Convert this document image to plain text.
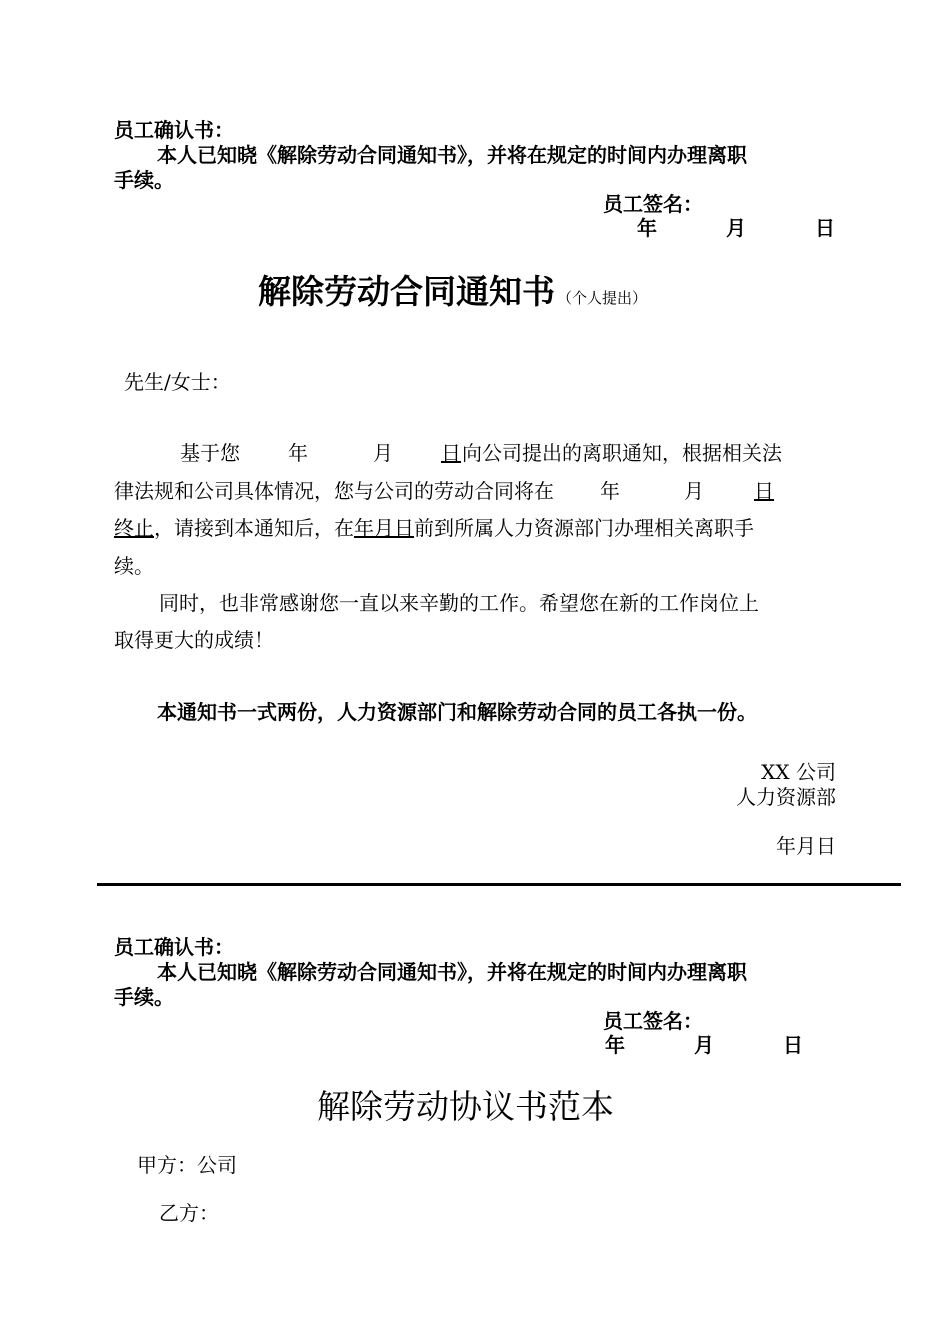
员工确认书：
本人已知晓《解除劳动合同通知书》，并将在规定的时间内办理离职
手续。
员工签名：
年	月	日
解除劳动合同通知书 （个人提出）
先生/女士：
基于您 年	月 日向公司提出的离职通知，根据相关法
律法规和公司具体情况，您与公司的劳动合同将在 年	月	日
终止，请接到本通知后，在年月日前到所属人力资源部门办理相关离职手
续。
同时，也非常感谢您一直以来辛勤的工作。希望您在新的工作岗位上
取得更大的成绩！
本通知书一式两份，人力资源部门和解除劳动合同的员工各执一份。
XX 公司
人力资源部
年月日
员工确认书：
本人已知晓《解除劳动合同通知书》，并将在规定的时间内办理离职
手续。
员工签名：
年	月	日
解除劳动协议书范本
甲方：公司
乙方：
